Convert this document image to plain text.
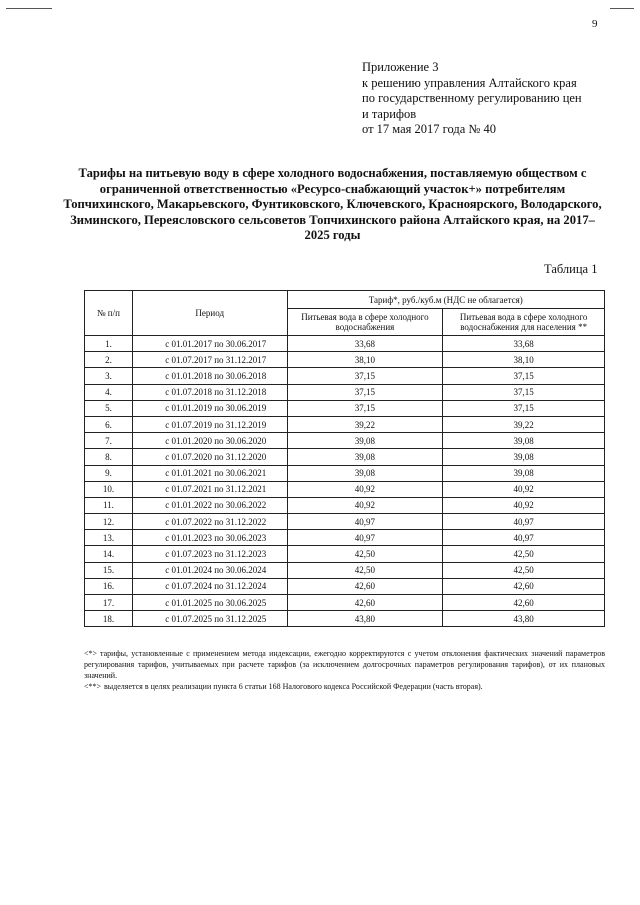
9
Приложение 3
к решению управления Алтайского края
по государственному регулированию цен
и тарифов
от 17 мая 2017 года № 40
Тарифы на питьевую воду в сфере холодного водоснабжения, поставляемую обществом с ограниченной ответственностью «Ресурсо-снабжающий участок+» потребителям Топчихинского, Макарьевского, Фунтиковского, Ключевского, Красноярского, Володарского, Зиминского, Переясловского сельсоветов Топчихинского района Алтайского края, на 2017–2025 годы
Таблица 1
№ п/п	Период	Тариф*, руб./куб.м (НДС не облагается)	
		Питьевая вода в сфере холодного водоснабжения	Питьевая вода в сфере холодного водоснабжения для населения **
1.	с 01.01.2017 по 30.06.2017	33,68	33,68
2.	с 01.07.2017 по 31.12.2017	38,10	38,10
3.	с 01.01.2018 по 30.06.2018	37,15	37,15
4.	с 01.07.2018 по 31.12.2018	37,15	37,15
5.	с 01.01.2019 по 30.06.2019	37,15	37,15
6.	с 01.07.2019 по 31.12.2019	39,22	39,22
7.	с 01.01.2020 по 30.06.2020	39,08	39,08
8.	с 01.07.2020 по 31.12.2020	39,08	39,08
9.	с 01.01.2021 по 30.06.2021	39,08	39,08
10.	с 01.07.2021 по 31.12.2021	40,92	40,92
11.	с 01.01.2022 по 30.06.2022	40,92	40,92
12.	с 01.07.2022 по 31.12.2022	40,97	40,97
13.	с 01.01.2023 по 30.06.2023	40,97	40,97
14.	с 01.07.2023 по 31.12.2023	42,50	42,50
15.	с 01.01.2024 по 30.06.2024	42,50	42,50
16.	с 01.07.2024 по 31.12.2024	42,60	42,60
17.	с 01.01.2025 по 30.06.2025	42,60	42,60
18.	с 01.07.2025 по 31.12.2025	43,80	43,80

<*> тарифы, установленные с применением метода индексации, ежегодно корректируются с учетом отклонения фактических значений параметров регулирования тарифов, учитываемых при расчете тарифов (за исключением долгосрочных параметров регулирования тарифов), от их плановых значений.

<**> выделяется в целях реализации пункта 6 статьи 168 Налогового кодекса Российской Федерации (часть вторая).
